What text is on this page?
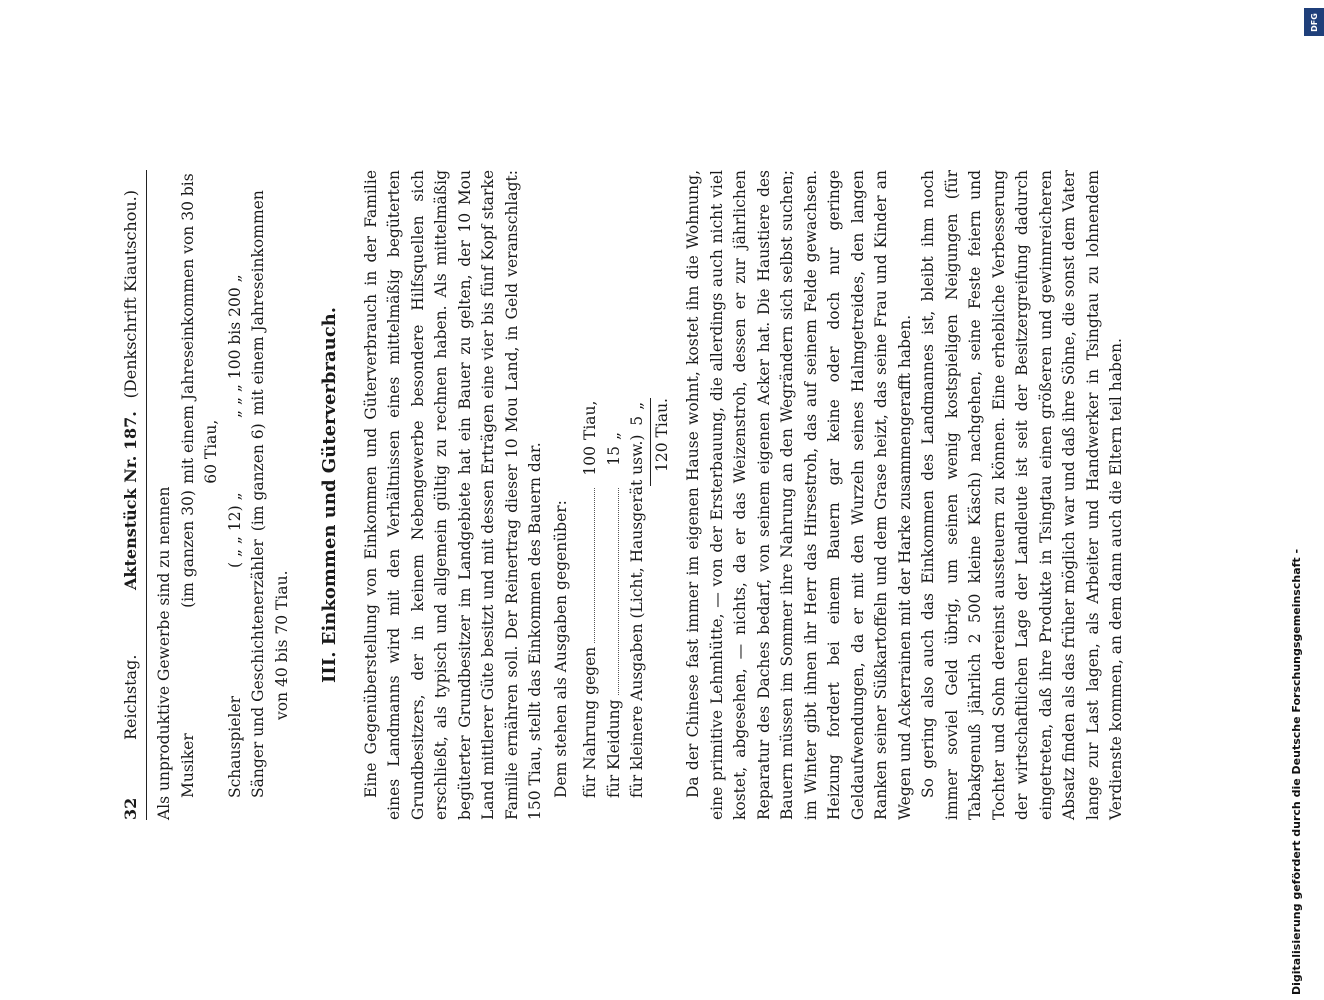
32
Reichstag.
Aktenstück Nr. 187.
(Denkschrift Kiautschou.)
Als unproduktive Gewerbe sind zu nennen Musiker
(im ganzen 30)
mit einem Jahreseinkommen von 30 bis 60 Tiau,
Schauspieler
( „ „ 12) „
„ „ „ 100 bis 200 „
Sänger und Geschichtenerzähler
(im ganzen 6)
mit einem Jahreseinkommen
von 40 bis 70 Tiau. III. Einkommen und Güterverbrauch. Eine Gegenüberstellung von Einkommen und Güterverbrauch in der Familie eines Landmanns wird mit den Verhältnissen eines mittelmäßig begüterten Grundbesitzers, der in keinem Nebengewerbe besondere Hilfsquellen sich erschließt, als typisch und allgemein gültig zu rechnen haben. Als mittelmäßig begüterter Grundbesitzer im Landgebiete hat ein Bauer zu gelten, der 10 Mou Land mittlerer Güte besitzt und mit dessen Erträgen eine vier bis fünf Kopf starke Familie ernähren soll. Der Reinertrag dieser 10 Mou Land, in Geld veranschlagt: 150 Tiau, stellt das Einkommen des Bauern dar. Dem stehen als Ausgaben gegenüber: für Nahrung gegen
100
Tiau,
für Kleidung
15
„ für kleinere Ausgaben (Licht, Hausgerät usw.)
5
„ 120 Tiau. Da der Chinese fast immer im eigenen Hause wohnt, kostet ihn die Wohnung, eine primitive Lehmhütte, — von der Ersterbauung, die allerdings auch nicht viel kostet, abgesehen, — nichts, da er das Weizenstroh, dessen er zur jährlichen Reparatur des Daches bedarf, von seinem eigenen Acker hat. Die Haustiere des Bauern müssen im Sommer ihre Nahrung an den Wegrändern sich selbst suchen; im Winter gibt ihnen ihr Herr das Hirsestroh, das auf seinem Felde gewachsen. Heizung fordert bei einem Bauern gar keine oder doch nur geringe Geldaufwendungen, da er mit den Wurzeln seines Halmgetreides, den langen Ranken seiner Süßkartoffeln und dem Grase heizt, das seine Frau und Kinder an Wegen und Ackerrainen mit der Harke zusammengerafft haben. So gering also auch das Einkommen des Landmannes ist, bleibt ihm noch immer soviel Geld übrig, um seinen wenig kostspieligen Neigungen (für Tabakgenuß jährlich 2 500 kleine Käsch) nachgehen, seine Feste feiern und Tochter und Sohn dereinst aussteuern zu können. Eine erhebliche Verbesserung der wirtschaftlichen Lage der Landleute ist seit der Besitzergreifung dadurch eingetreten, daß ihre Produkte in Tsingtau einen größeren und gewinnreicheren Absatz finden als das früher möglich war und daß ihre Söhne, die sonst dem Vater lange zur Last lagen, als Arbeiter und Handwerker in Tsingtau zu lohnendem Verdienste kommen, an dem dann auch die Eltern teil haben.	Digitalisierung gefördert durch die Deutsche Forschungsgemeinschaft -
DFG
